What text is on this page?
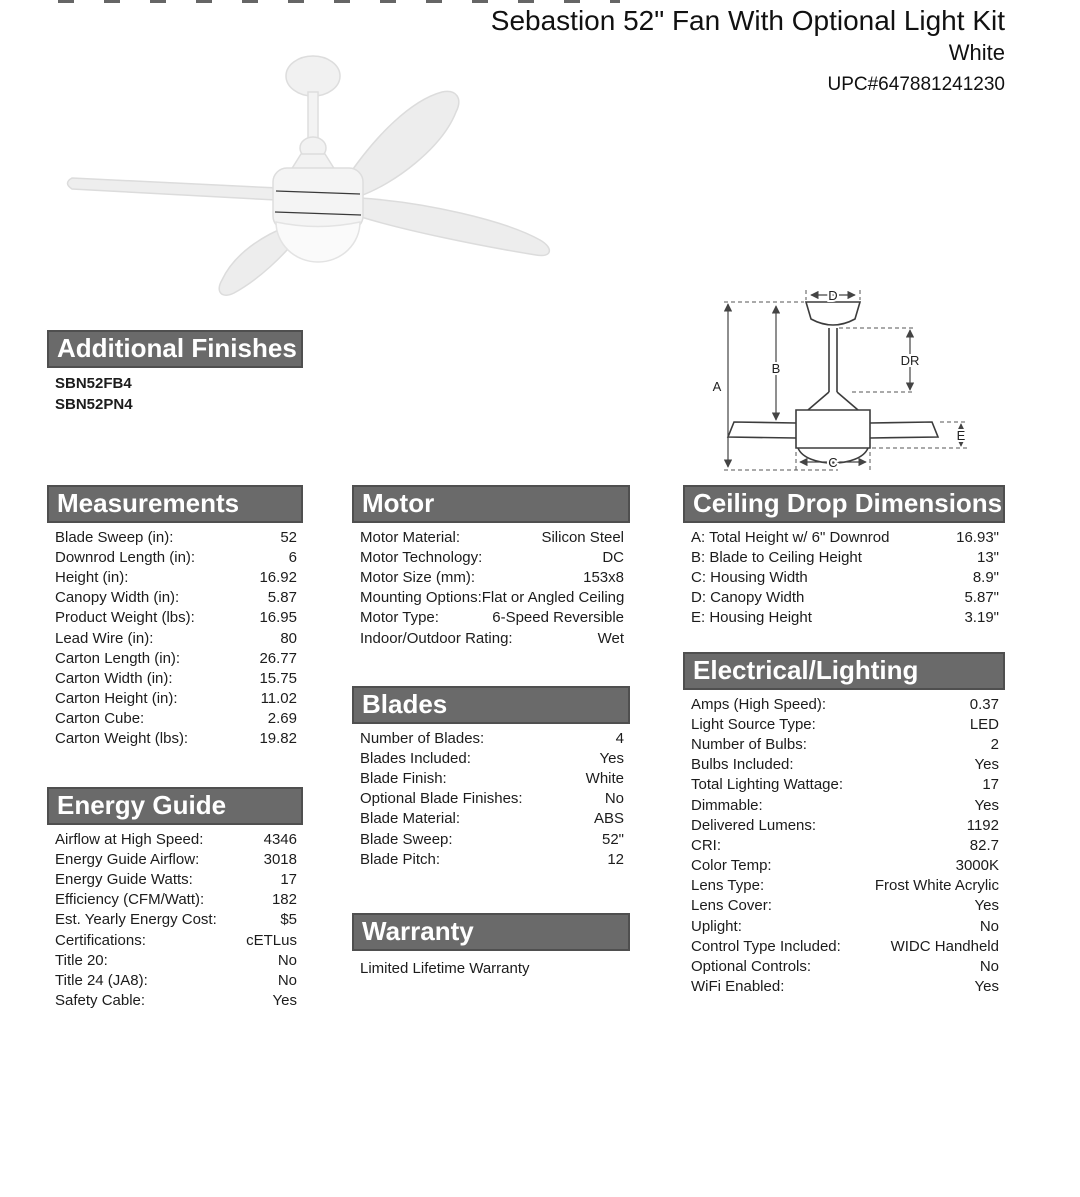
Sebastion 52" Fan With Optional Light Kit
White
UPC#647881241230
D
A
B
DR
E
C
Additional Finishes
SBN52FB4
SBN52PN4
Measurements
Blade Sweep (in):	52
Downrod Length (in):	6
Height (in):	16.92
Canopy Width (in):	5.87
Product Weight (lbs):	16.95
Lead Wire (in):	80
Carton Length (in):	26.77
Carton Width (in):	15.75
Carton Height (in):	11.02
Carton Cube:	2.69
Carton Weight (lbs):	19.82
Energy Guide
Airflow at High Speed:	4346
Energy Guide Airflow:	3018
Energy Guide Watts:	17
Efficiency (CFM/Watt):	182
Est. Yearly Energy Cost:	$5
Certifications:	cETLus
Title 20:	No
Title 24 (JA8):	No
Safety Cable:	Yes
Motor
Motor Material:	Silicon Steel
Motor Technology:	DC
Motor Size (mm):	153x8
Mounting Options: Flat or Angled Ceiling
Motor Type:	6-Speed Reversible
Indoor/Outdoor Rating:	Wet
Blades
Number of Blades:	4
Blades Included:	Yes
Blade Finish:	White
Optional Blade Finishes:	No
Blade Material:	ABS
Blade Sweep:	52"
Blade Pitch:	12
Warranty
Limited Lifetime Warranty
Ceiling Drop Dimensions
A: Total Height w/ 6" Downrod	16.93"
B: Blade to Ceiling Height	13"
C: Housing Width	8.9"
D: Canopy Width	5.87"
E: Housing Height	3.19"
Electrical/Lighting
Amps (High Speed):	0.37
Light Source Type:	LED
Number of Bulbs:	2
Bulbs Included:	Yes
Total Lighting Wattage:	17
Dimmable:	Yes
Delivered Lumens:	1192
CRI:	82.7
Color Temp:	3000K
Lens Type:	Frost White Acrylic
Lens Cover:	Yes
Uplight:	No
Control Type Included:	WIDC Handheld
Optional Controls:	No
WiFi Enabled:	Yes
